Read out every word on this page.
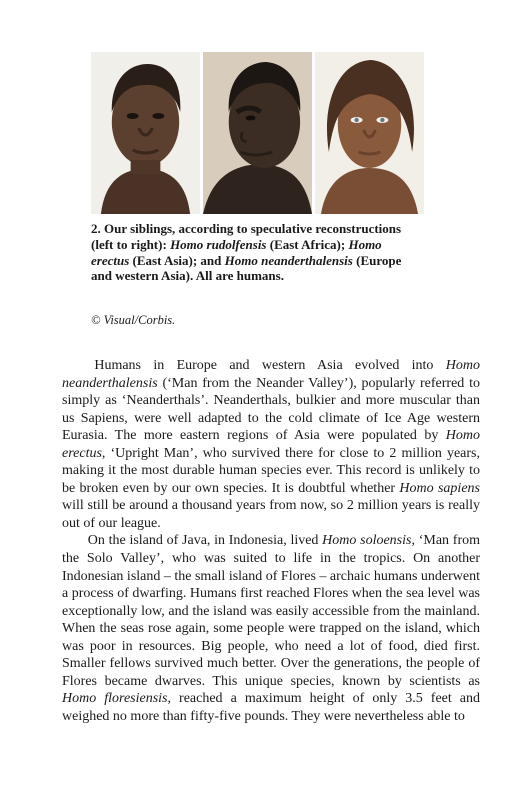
2. Our siblings, according to speculative reconstructions (left to right): Homo rudolfensis (East Africa); Homo erectus (East Asia); and Homo neanderthalensis (Europe and western Asia). All are humans.
© Visual/Corbis.

Humans in Europe and western Asia evolved into Homo neanderthalensis (‘Man from the Neander Valley’), popularly referred to simply as ‘Neanderthals’. Neanderthals, bulkier and more muscular than us Sapiens, were well adapted to the cold climate of Ice Age western Eurasia. The more eastern regions of Asia were populated by Homo erectus, ‘Upright Man’, who survived there for close to 2 million years, making it the most durable human species ever. This record is unlikely to be broken even by our own species. It is doubtful whether Homo sapiens will still be around a thousand years from now, so 2 million years is really out of our league.

On the island of Java, in Indonesia, lived Homo soloensis, ‘Man from the Solo Valley’, who was suited to life in the tropics. On another Indonesian island – the small island of Flores – archaic humans underwent a process of dwarfing. Humans first reached Flores when the sea level was exceptionally low, and the island was easily accessible from the mainland. When the seas rose again, some people were trapped on the island, which was poor in resources. Big people, who need a lot of food, died first. Smaller fellows survived much better. Over the generations, the people of Flores became dwarves. This unique species, known by scientists as Homo floresiensis, reached a maximum height of only 3.5 feet and weighed no more than fifty-five pounds. They were nevertheless able to
